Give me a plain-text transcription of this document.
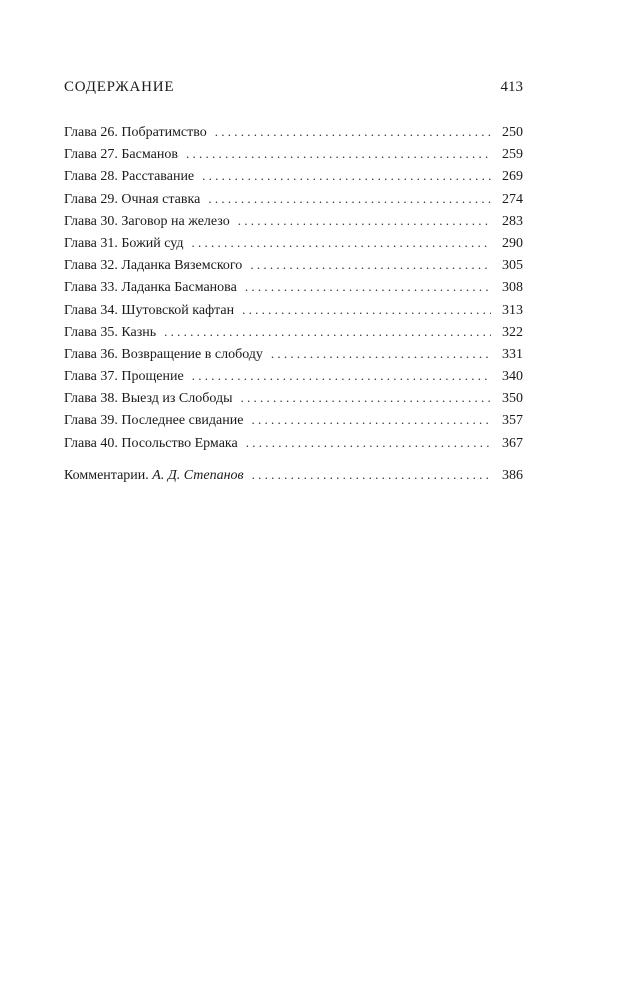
СОДЕРЖАНИЕ	413
Глава 26. Побратимство . . .	250
Глава 27. Басманов . . .	259
Глава 28. Расставание . . .	269
Глава 29. Очная ставка . . .	274
Глава 30. Заговор на железо . . .	283
Глава 31. Божий суд . . .	290
Глава 32. Ладанка Вяземского . . .	305
Глава 33. Ладанка Басманова . . .	308
Глава 34. Шутовской кафтан . . .	313
Глава 35. Казнь . . .	322
Глава 36. Возвращение в слободу . . .	331
Глава 37. Прощение . . .	340
Глава 38. Выезд из Слободы . . .	350
Глава 39. Последнее свидание . . .	357
Глава 40. Посольство Ермака . . .	367
Комментарии. А. Д. Степанов . . .	386
